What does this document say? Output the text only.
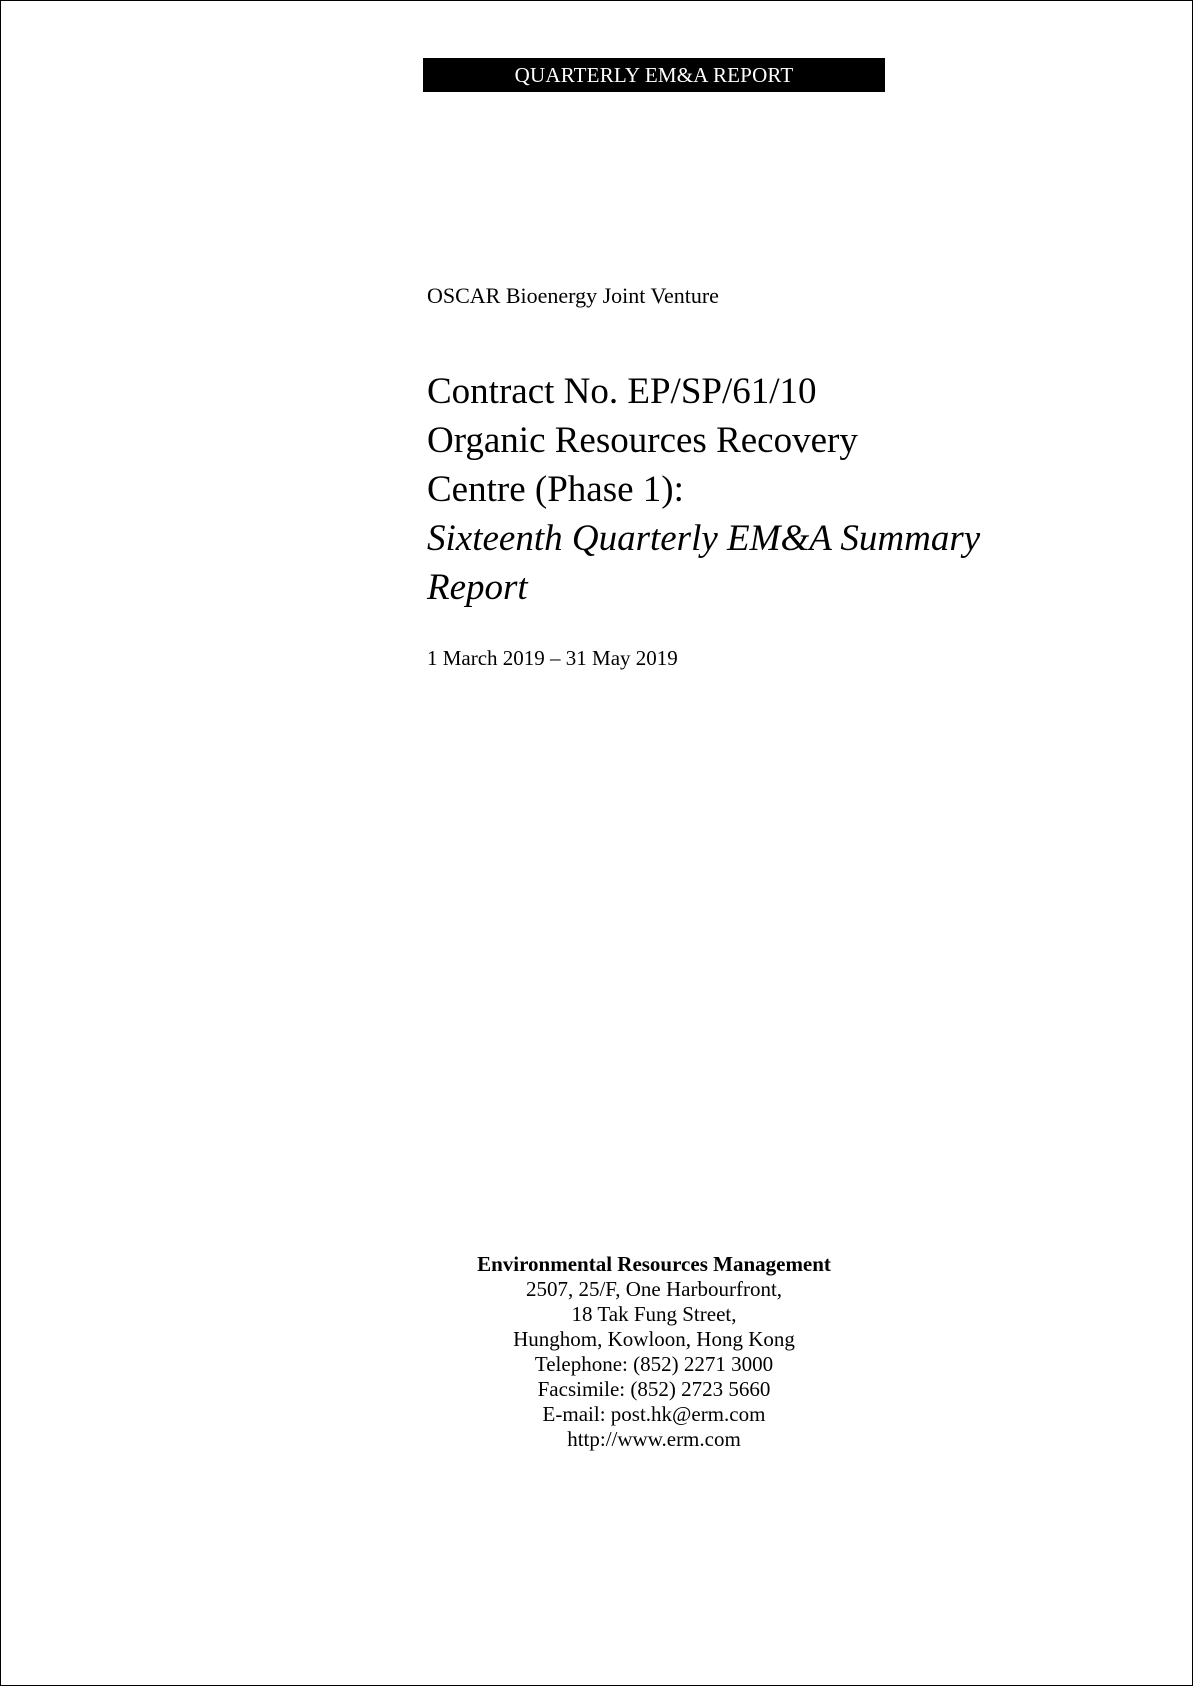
QUARTERLY EM&A REPORT
OSCAR Bioenergy Joint Venture
Contract No. EP/SP/61/10
Organic Resources Recovery
Centre (Phase 1):
Sixteenth Quarterly EM&A Summary
Report
1 March 2019 – 31 May 2019
Environmental Resources Management
2507, 25/F, One Harbourfront,
18 Tak Fung Street,
Hunghom, Kowloon, Hong Kong
Telephone: (852) 2271 3000
Facsimile: (852) 2723 5660
E-mail: post.hk@erm.com
http://www.erm.com
